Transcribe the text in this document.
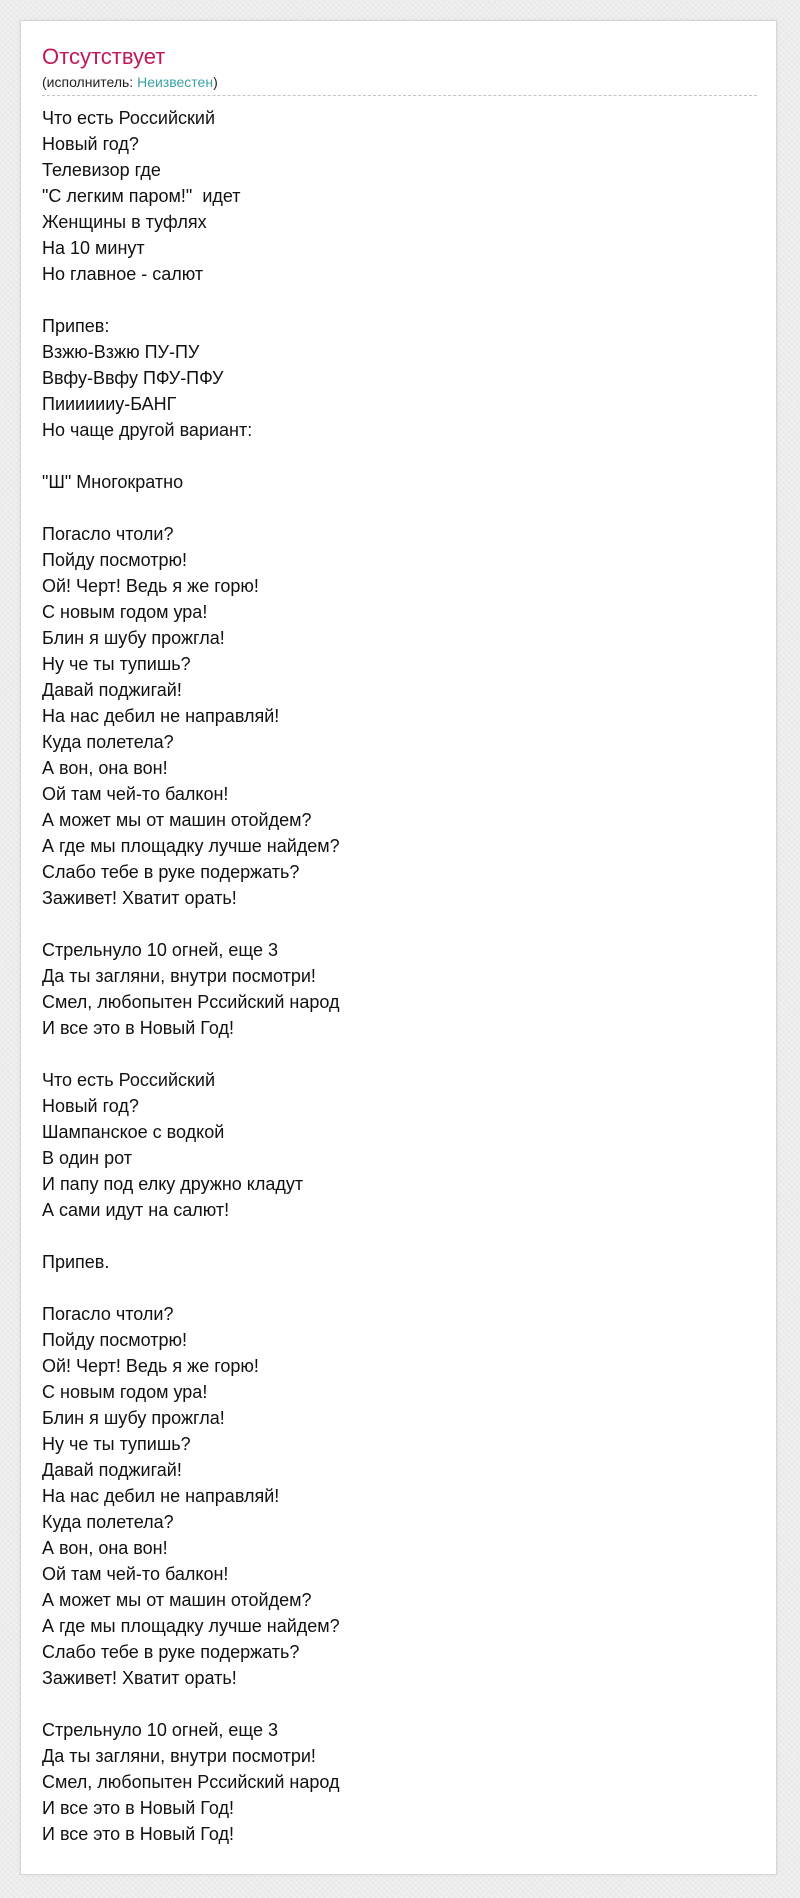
Отсутствует
(исполнитель: Неизвестен)
Что есть Российский
Новый год?
Телевизор где
"С легким паром!"  идет
Женщины в туфлях
На 10 минут
Но главное - салют
Припев:
Взжю-Взжю ПУ-ПУ
Ввфу-Ввфу ПФУ-ПФУ
Пииииииу-БАНГ
Но чаще другой вариант:
"Ш" Многократно
Погасло чтоли?
Пойду посмотрю!
Ой! Черт! Ведь я же горю!
С новым годом ура!
Блин я шубу прожгла!
Ну че ты тупишь?
Давай поджигай!
На нас дебил не направляй!
Куда полетела?
А вон, она вон!
Ой там чей-то балкон!
А может мы от машин отойдем?
А где мы площадку лучше найдем?
Слабо тебе в руке подержать?
Заживет! Хватит орать!
Стрельнуло 10 огней, еще 3
Да ты загляни, внутри посмотри!
Смел, любопытен Рссийский народ
И все это в Новый Год!
Что есть Российский
Новый год?
Шампанское с водкой
В один рот
И папу под елку дружно кладут
А сами идут на салют!
Припев.
Погасло чтоли?
Пойду посмотрю!
Ой! Черт! Ведь я же горю!
С новым годом ура!
Блин я шубу прожгла!
Ну че ты тупишь?
Давай поджигай!
На нас дебил не направляй!
Куда полетела?
А вон, она вон!
Ой там чей-то балкон!
А может мы от машин отойдем?
А где мы площадку лучше найдем?
Слабо тебе в руке подержать?
Заживет! Хватит орать!
Стрельнуло 10 огней, еще 3
Да ты загляни, внутри посмотри!
Смел, любопытен Рссийский народ
И все это в Новый Год!
И все это в Новый Год!
